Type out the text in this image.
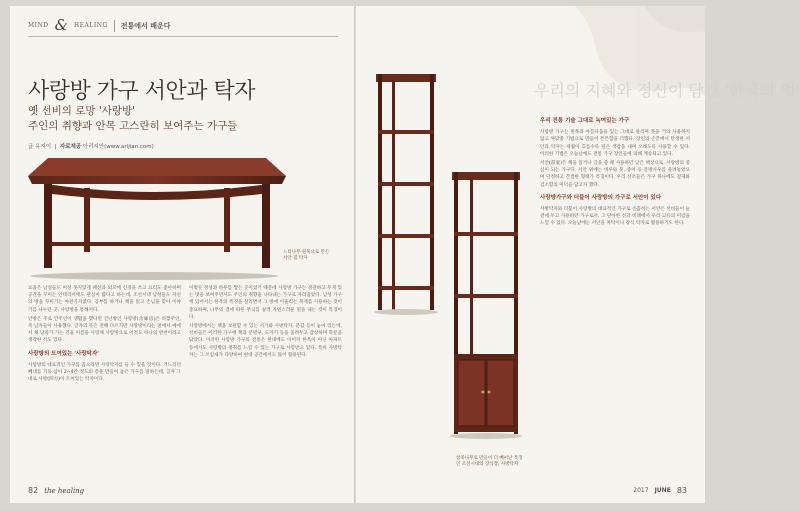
MIND & HEALING 전통에서 배운다
사랑방 가구 서안과 탁자
옛 선비의 로망 '사랑방'
주인의 취향과 안목 고스란히 보여주는 가구들
글 유지이  |  자료제공 아리지안(www.arijian.com)
느티나무 원목으로 만든 서안 겸 탁자

요즘은 남성들도 여성 못지않게 패션과 외모에 신경을 쓰고 요리도 좋아하며 공간을 꾸미는 인테리어에도 관심이 많다고 하는데, 조선시대 남성들도 자신의 방을 꾸미기는 마찬가지였다. 공부를 하거나 책을 읽고 손님을 맞아 이야기를 나누던 곳, 사랑방을 통해서다.

안방은 주로 안주인이 생활을 했다면 건넌방인 사랑방(舍廊房)은 바깥주인, 즉 남자들이 사용했다. 글자의 뜻은 전해 다르지만 사랑방이라는 말에서 예에서 채 남자가 가는 것을 이름을 사랑채 사랑방으로 이것도 하나의 반찬이라고 생각한 적도 있다.

사랑방의 트여있는 '사랑탁자'

사랑방의 대표적인 가구를 꼽으라면 사랑탁자를 들 수 있을 것이다. 거느리던 빼대를 기둥 삼아 2~4칸 정도의 층을 만들어 놓은 가구를 말하는데, 글자 그대로 사방(四方)이 트여있는 탁자이다.

이렇듯 정성과 하루를 쌓는 곳이었기 때문에 사랑방 가구는 정갈하고 무게 있는 멋을 보여주면서도 주인의 취향을 나타내는 가구로 자리잡았다. 남성 가구에 있어서는 한옥의 특징을 살리면서 그 방에 어울리는 목재를 사용하는 것이 중요하며, 나무의 결에 따른 무늬를 살려 자연스러운 멋을 내는 것이 특징이다.

사랑방에서는 책을 보관할 수 있는 서가와 사방탁자, 문갑 등이 놓여 있는데, 선비들은 이러한 가구에 책과 문방구, 도자기 등을 올려두고 감상하며 학문을 닦았다. 이러한 사랑방 가구의 전통은 현대에도 이어져 한옥이 아닌 아파트 등에서도 사랑방의 정취를 느낄 수 있는 가구로 사랑받고 있다. 특히 사방탁자는 그 쓰임새가 다양하여 현대 공간에서도 많이 활용된다.

82 the healing
우리의 지혜와 정신이 담긴 '한국의 멋'
참죽나무로 만들어 더 빼어난 특징인 조선시대의 장식장, 사방탁자
우리 전통 기술 그대로 녹여있는 가구

사랑방 가구는 원목의 아름다움을 있는 그대로 살리며 못을 거의 사용하지 않고 짜맞춤 기법으로 만들어 튼튼함을 더했다. 장인의 손끝에서 탄생한 서안과 탁자는 세월이 흐를수록 깊은 색감을 내며 오래도록 사용할 수 있다. 이러한 기법은 오늘날에도 전통 가구 장인들에 의해 계승되고 있다.

서안(書案)은 책을 읽거나 글을 쓸 때 사용하던 낮은 책상으로, 사랑방의 중심이 되는 가구다. 서안 위에는 벼루와 붓, 종이 등 문방사우를 올려놓았으며 단정하고 간결한 형태가 특징이다. 우리 선조들은 가구 하나에도 절제와 검소함의 미덕을 담고자 했다.

사랑방가구와 더불어 사랑방의 가구로 서안이 있다

사방탁자와 더불어 사랑방의 대표적인 가구로 손꼽히는 서안은 선비들이 늘 곁에 두고 사용하던 가구로서, 그 단아한 선과 비례에서 우리 고유의 미감을 느낄 수 있다. 오늘날에는 서안을 차탁이나 장식 탁자로 활용하기도 한다.

2017 JUNE 83
